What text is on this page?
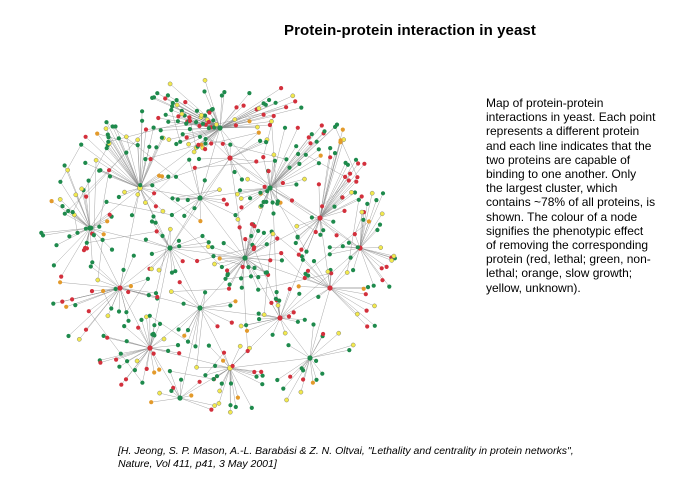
Protein-protein interaction in yeast
Map of protein-protein interactions in yeast. Each point represents a different protein and each line indicates that the two proteins are capable of binding to one another. Only the largest cluster, which contains ~78% of all proteins, is shown. The colour of a node signifies the phenotypic effect of removing the corresponding protein (red, lethal; green, non-lethal; orange, slow growth; yellow, unknown).
[H. Jeong, S. P. Mason, A.-L. Barabási & Z. N. Oltvai, "Lethality and centrality in protein networks",
Nature, Vol 411, p41, 3 May 2001]
